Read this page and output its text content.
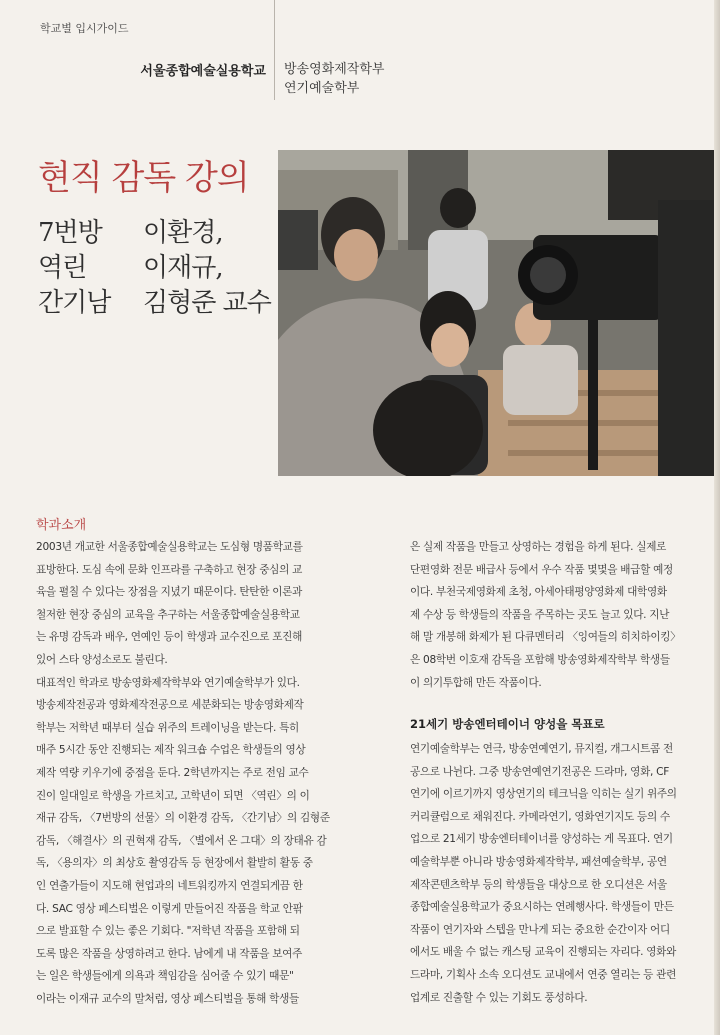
학교별 입시가이드
서울종합예술실용학교 방송영화제작학부
연기예술학부
현직 감독 강의
7번방 이환경,
역린 이재규,
간기남 김형준 교수
학과소개

2003년 개교한 서울종합예술실용학교는 도심형 명품학교를

표방한다. 도심 속에 문화 인프라를 구축하고 현장 중심의 교

육을 펼칠 수 있다는 장점을 지녔기 때문이다. 탄탄한 이론과

철저한 현장 중심의 교육을 추구하는 서울종합예술실용학교

는 유명 감독과 배우, 연예인 등이 학생과 교수진으로 포진해

있어 스타 양성소로도 불린다.

대표적인 학과로 방송영화제작학부와 연기예술학부가 있다.

방송제작전공과 영화제작전공으로 세분화되는 방송영화제작

학부는 저학년 때부터 실습 위주의 트레이닝을 받는다. 특히

매주 5시간 동안 진행되는 제작 워크숍 수업은 학생들의 영상

제작 역량 키우기에 중점을 둔다. 2학년까지는 주로 전임 교수

진이 일대일로 학생을 가르치고, 고학년이 되면 〈역린〉의 이

재규 감독, 〈7번방의 선물〉의 이환경 감독, 〈간기남〉의 김형준

감독, 〈해결사〉의 권혁재 감독, 〈별에서 온 그대〉의 장태유 감

독, 〈용의자〉의 최상호 촬영감독 등 현장에서 활발히 활동 중

인 연출가들이 지도해 현업과의 네트워킹까지 연결되게끔 한

다. SAC 영상 페스티벌은 이렇게 만들어진 작품을 학교 안팎

으로 발표할 수 있는 좋은 기회다. "저학년 작품을 포함해 되

도록 많은 작품을 상영하려고 한다. 남에게 내 작품을 보여주

는 일은 학생들에게 의욕과 책임감을 심어줄 수 있기 때문"

이라는 이재규 교수의 말처럼, 영상 페스티벌을 통해 학생들

은 실제 작품을 만들고 상영하는 경험을 하게 된다. 실제로

단편영화 전문 배급사 등에서 우수 작품 몇몇을 배급할 예정

이다. 부천국제영화제 초청, 아세아태평양영화제 대학영화

제 수상 등 학생들의 작품을 주목하는 곳도 늘고 있다. 지난

해 말 개봉해 화제가 된 다큐멘터리 〈잉여들의 히치하이킹〉

은 08학번 이호재 감독을 포함해 방송영화제작학부 학생들

이 의기투합해 만든 작품이다.

21세기 방송엔터테이너 양성을 목표로

연기예술학부는 연극, 방송연예연기, 뮤지컬, 개그시트콤 전

공으로 나뉜다. 그중 방송연예연기전공은 드라마, 영화, CF

연기에 이르기까지 영상연기의 테크닉을 익히는 실기 위주의

커리큘럼으로 채워진다. 카메라연기, 영화연기지도 등의 수

업으로 21세기 방송엔터테이너를 양성하는 게 목표다. 연기

예술학부뿐 아니라 방송영화제작학부, 패션예술학부, 공연

제작콘텐츠학부 등의 학생들을 대상으로 한 오디션은 서울

종합예술실용학교가 중요시하는 연례행사다. 학생들이 만든

작품이 연기자와 스텝을 만나게 되는 중요한 순간이자 어디

에서도 배울 수 없는 캐스팅 교육이 진행되는 자리다. 영화와

드라마, 기획사 소속 오디션도 교내에서 연중 열리는 등 관련

업계로 진출할 수 있는 기회도 풍성하다.
